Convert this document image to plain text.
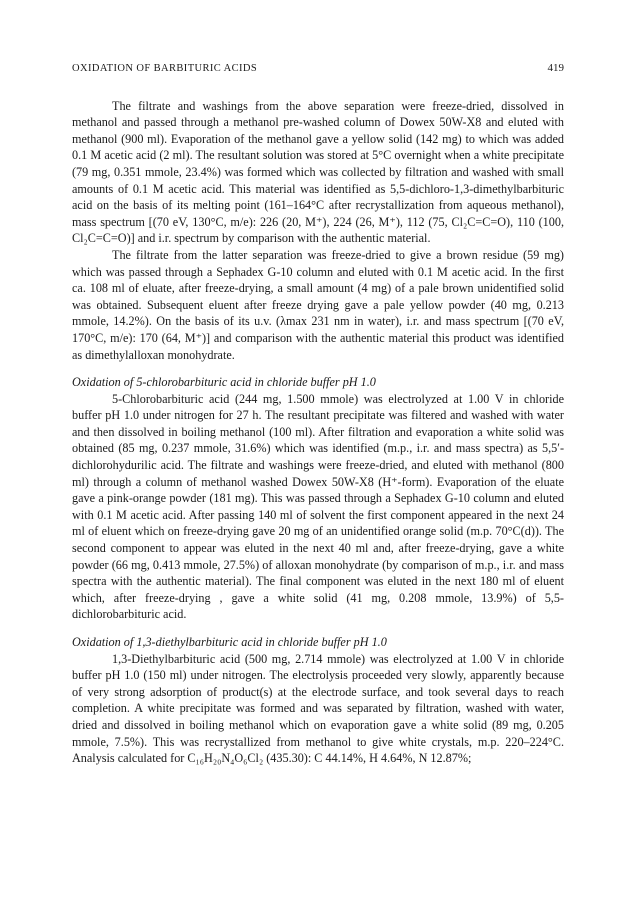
OXIDATION OF BARBITURIC ACIDS	419

The filtrate and washings from the above separation were freeze-dried, dissolved in methanol and passed through a methanol pre-washed column of Dowex 50W-X8 and eluted with methanol (900 ml). Evaporation of the methanol gave a yellow solid (142 mg) to which was added 0.1 M acetic acid (2 ml). The resultant solution was stored at 5°C overnight when a white precipitate (79 mg, 0.351 mmole, 23.4%) was formed which was collected by filtration and washed with small amounts of 0.1 M acetic acid. This material was identified as 5,5-dichloro-1,3-dimethylbarbituric acid on the basis of its melting point (161–164°C after recrystallization from aqueous methanol), mass spectrum [(70 eV, 130°C, m/e): 226 (20, M⁺), 224 (26, M⁺), 112 (75, Cl₂C=C=O), 110 (100, Cl₂C=C=O)] and i.r. spectrum by comparison with the authentic material.

The filtrate from the latter separation was freeze-dried to give a brown residue (59 mg) which was passed through a Sephadex G-10 column and eluted with 0.1 M acetic acid. In the first ca. 108 ml of eluate, after freeze-drying, a small amount (4 mg) of a pale brown unidentified solid was obtained. Subsequent eluent after freeze drying gave a pale yellow powder (40 mg, 0.213 mmole, 14.2%). On the basis of its u.v. (λmax 231 nm in water), i.r. and mass spectrum [(70 eV, 170°C, m/e): 170 (64, M⁺)] and comparison with the authentic material this product was identified as dimethylalloxan monohydrate.

Oxidation of 5-chlorobarbituric acid in chloride buffer pH 1.0

5-Chlorobarbituric acid (244 mg, 1.500 mmole) was electrolyzed at 1.00 V in chloride buffer pH 1.0 under nitrogen for 27 h. The resultant precipitate was filtered and washed with water and then dissolved in boiling methanol (100 ml). After filtration and evaporation a white solid was obtained (85 mg, 0.237 mmole, 31.6%) which was identified (m.p., i.r. and mass spectra) as 5,5′-dichlorohydurilic acid. The filtrate and washings were freeze-dried, and eluted with methanol (800 ml) through a column of methanol washed Dowex 50W-X8 (H⁺-form). Evaporation of the eluate gave a pink-orange powder (181 mg). This was passed through a Sephadex G-10 column and eluted with 0.1 M acetic acid. After passing 140 ml of solvent the first component appeared in the next 24 ml of eluent which on freeze-drying gave 20 mg of an unidentified orange solid (m.p. 70°C(d)). The second component to appear was eluted in the next 40 ml and, after freeze-drying, gave a white powder (66 mg, 0.413 mmole, 27.5%) of alloxan monohydrate (by comparison of m.p., i.r. and mass spectra with the authentic material). The final component was eluted in the next 180 ml of eluent which, after freeze-drying , gave a white solid (41 mg, 0.208 mmole, 13.9%) of 5,5-dichlorobarbituric acid.

Oxidation of 1,3-diethylbarbituric acid in chloride buffer pH 1.0

1,3-Diethylbarbituric acid (500 mg, 2.714 mmole) was electrolyzed at 1.00 V in chloride buffer pH 1.0 (150 ml) under nitrogen. The electrolysis proceeded very slowly, apparently because of very strong adsorption of product(s) at the electrode surface, and took several days to reach completion. A white precipitate was formed and was separated by filtration, washed with water, dried and dissolved in boiling methanol which on evaporation gave a white solid (89 mg, 0.205 mmole, 7.5%). This was recrystallized from methanol to give white crystals, m.p. 220–224°C. Analysis calculated for C₁₆H₂₀N₄O₆Cl₂ (435.30): C 44.14%, H 4.64%, N 12.87%;
